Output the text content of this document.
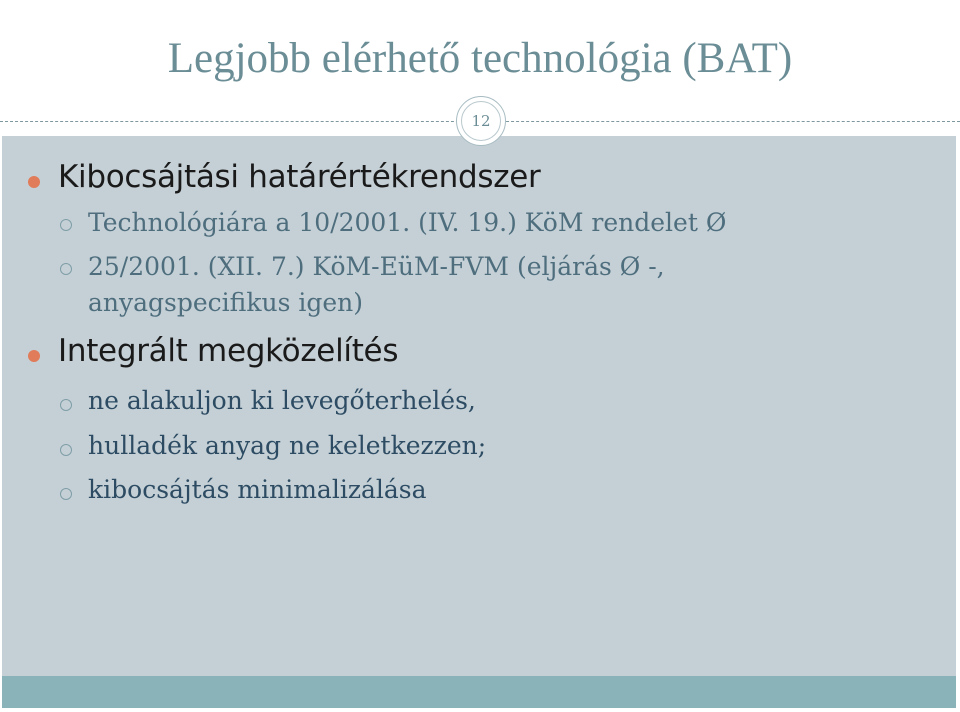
Legjobb elérhető technológia (BAT)
12
Kibocsájtási határértékrendszer
Technológiára a 10/2001. (IV. 19.) KöM rendelet Ø
25/2001. (XII. 7.) KöM-EüM-FVM (eljárás Ø -,
anyagspecifikus igen)
Integrált megközelítés
ne alakuljon ki levegőterhelés,
hulladék anyag ne keletkezzen;
kibocsájtás minimalizálása
